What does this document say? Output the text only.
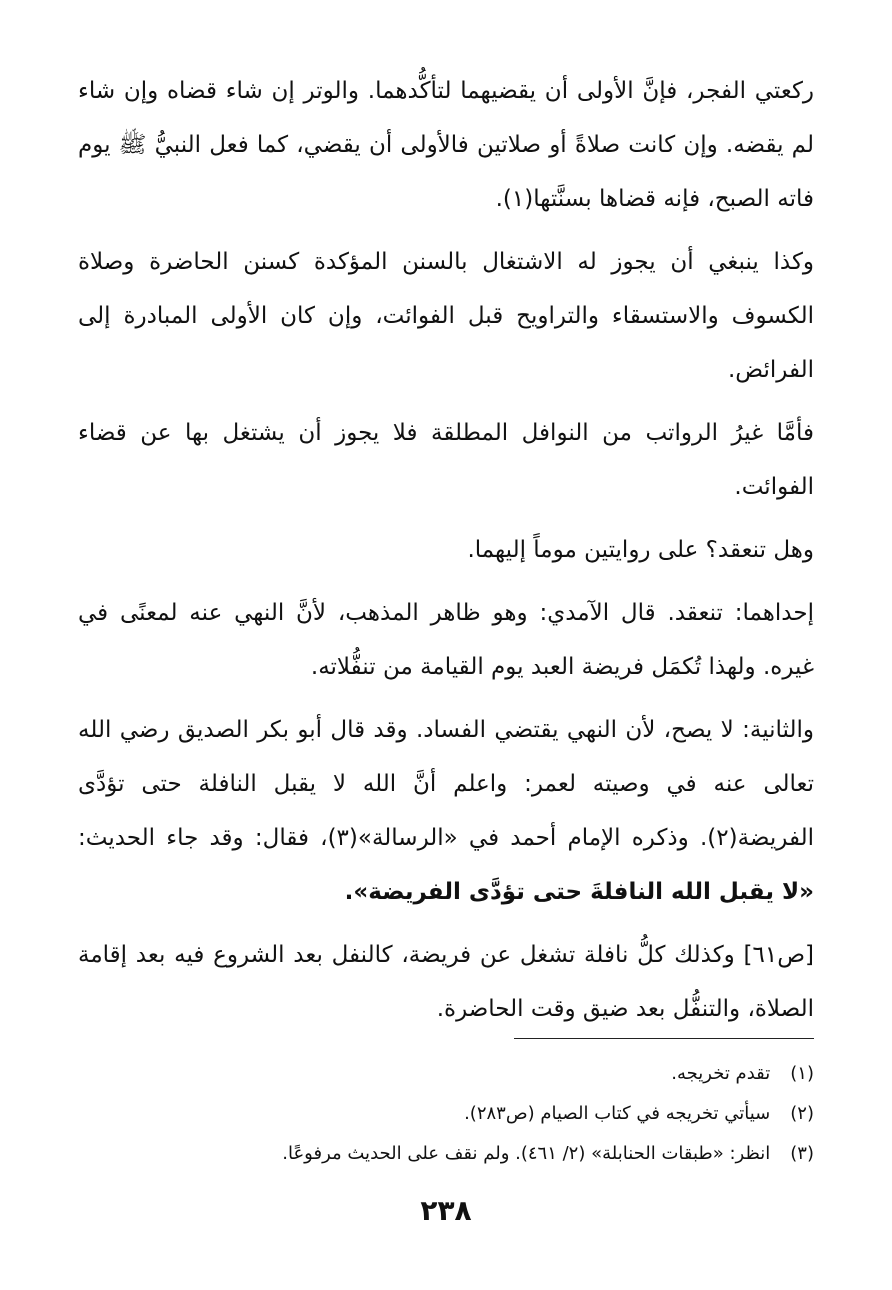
ركعتي الفجر، فإنَّ الأولى أن يقضيهما لتأكُّدهما. والوتر إن شاء قضاه وإن شاء لم يقضه. وإن كانت صلاةً أو صلاتين فالأولى أن يقضي، كما فعل النبيُّ ﷺ يوم فاته الصبح، فإنه قضاها بسنَّتها(١).

وكذا ينبغي أن يجوز له الاشتغال بالسنن المؤكدة كسنن الحاضرة وصلاة الكسوف والاستسقاء والتراويح قبل الفوائت، وإن كان الأولى المبادرة إلى الفرائض.

فأمَّا غيرُ الرواتب من النوافل المطلقة فلا يجوز أن يشتغل بها عن قضاء الفوائت.

وهل تنعقد؟ على روايتين موماً إليهما.

إحداهما: تنعقد. قال الآمدي: وهو ظاهر المذهب، لأنَّ النهي عنه لمعنًى في غيره. ولهذا تُكمَل فريضة العبد يوم القيامة من تنفُّلاته.

والثانية: لا يصح، لأن النهي يقتضي الفساد. وقد قال أبو بكر الصديق رضي الله تعالى عنه في وصيته لعمر: واعلم أنَّ الله لا يقبل النافلة حتى تؤدَّى الفريضة(٢). وذكره الإمام أحمد في «الرسالة»(٣)، فقال: وقد جاء الحديث: «لا يقبل الله النافلةَ حتى تؤدَّى الفريضة».

[ص٦١] وكذلك كلُّ نافلة تشغل عن فريضة، كالنفل بعد الشروع فيه بعد إقامة الصلاة، والتنفُّل بعد ضيق وقت الحاضرة.

(١) تقدم تخريجه.
(٢) سيأتي تخريجه في كتاب الصيام (ص٢٨٣).
(٣) انظر: «طبقات الحنابلة» (٢/ ٤٦١). ولم نقف على الحديث مرفوعًا.
٢٣٨
